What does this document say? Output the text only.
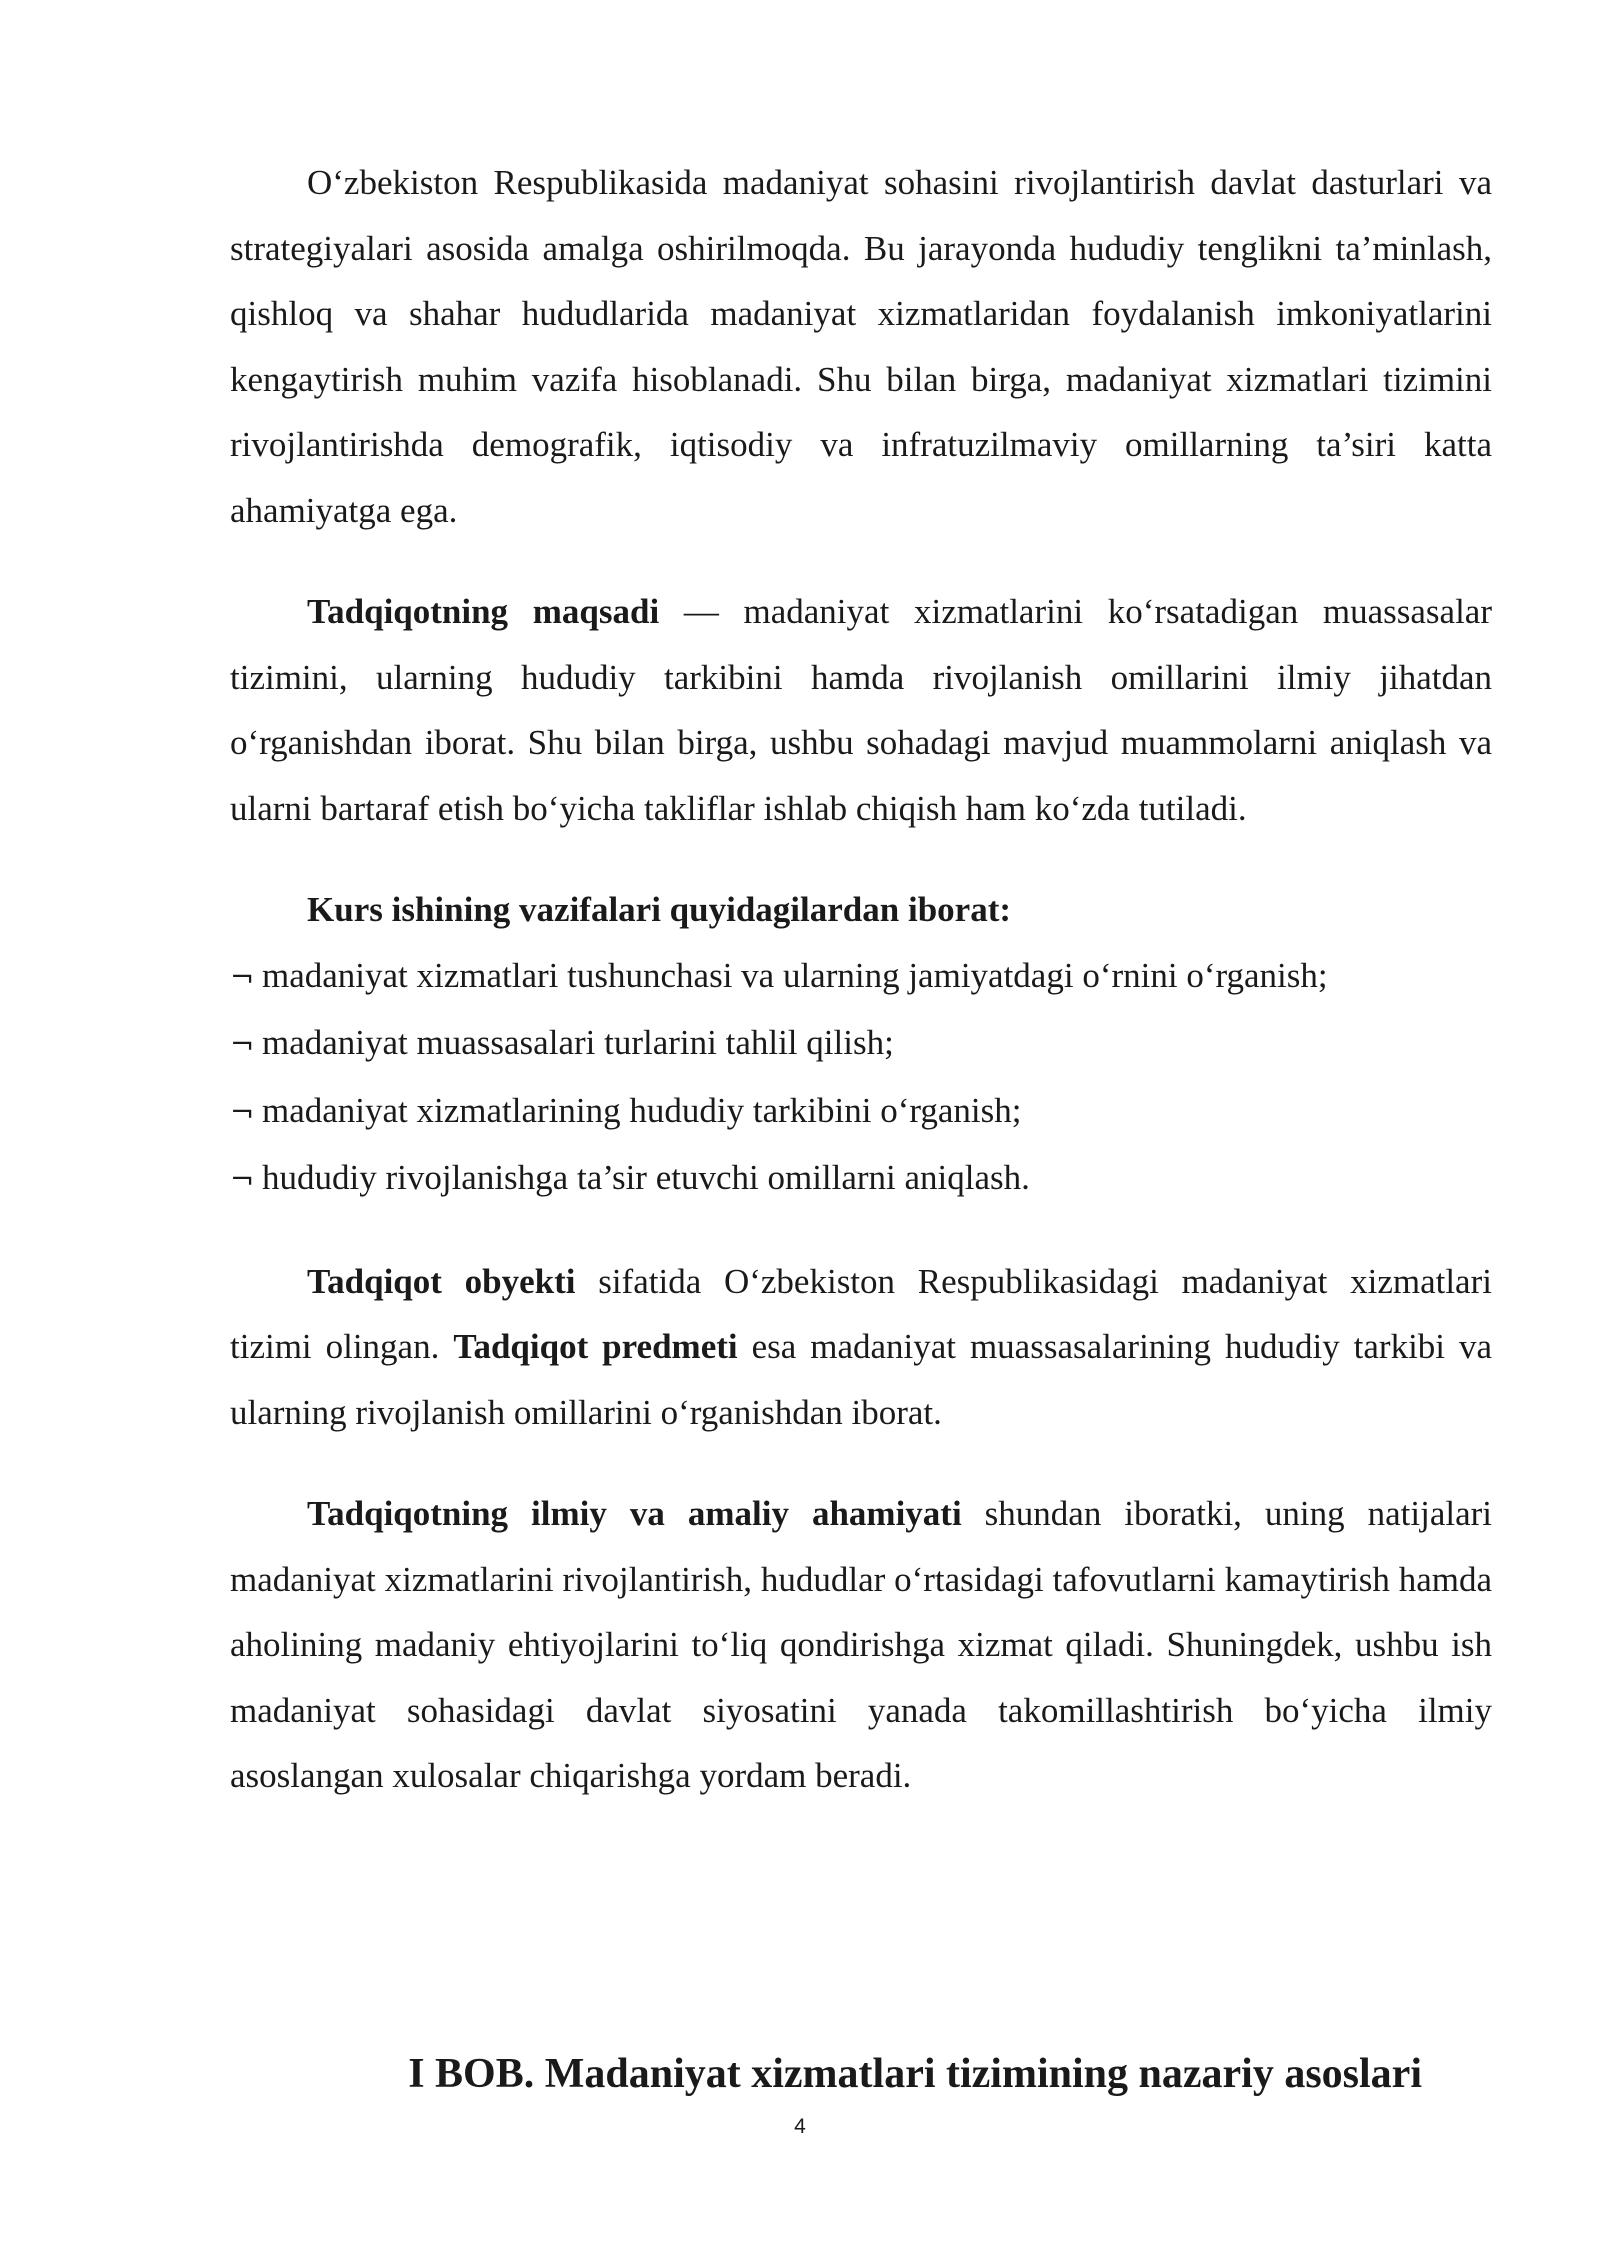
O‘zbekiston Respublikasida madaniyat sohasini rivojlantirish davlat dasturlari va strategiyalari asosida amalga oshirilmoqda. Bu jarayonda hududiy tenglikni ta’minlash, qishloq va shahar hududlarida madaniyat xizmatlaridan foydalanish imkoniyatlarini kengaytirish muhim vazifa hisoblanadi. Shu bilan birga, madaniyat xizmatlari tizimini rivojlantirishda demografik, iqtisodiy va infratuzilmaviy omillarning ta’siri katta ahamiyatga ega.

Tadqiqotning maqsadi — madaniyat xizmatlarini ko‘rsatadigan muassasalar tizimini, ularning hududiy tarkibini hamda rivojlanish omillarini ilmiy jihatdan o‘rganishdan iborat. Shu bilan birga, ushbu sohadagi mavjud muammolarni aniqlash va ularni bartaraf etish bo‘yicha takliflar ishlab chiqish ham ko‘zda tutiladi.

Kurs ishining vazifalari quyidagilardan iborat:

¬ madaniyat xizmatlari tushunchasi va ularning jamiyatdagi o‘rnini o‘rganish;
¬ madaniyat muassasalari turlarini tahlil qilish;
¬ madaniyat xizmatlarining hududiy tarkibini o‘rganish;
¬ hududiy rivojlanishga ta’sir etuvchi omillarni aniqlash.

Tadqiqot obyekti sifatida O‘zbekiston Respublikasidagi madaniyat xizmatlari tizimi olingan. Tadqiqot predmeti esa madaniyat muassasalarining hududiy tarkibi va ularning rivojlanish omillarini o‘rganishdan iborat.

Tadqiqotning ilmiy va amaliy ahamiyati shundan iboratki, uning natijalari madaniyat xizmatlarini rivojlantirish, hududlar o‘rtasidagi tafovutlarni kamaytirish hamda aholining madaniy ehtiyojlarini to‘liq qondirishga xizmat qiladi. Shuningdek, ushbu ish madaniyat sohasidagi davlat siyosatini yanada takomillashtirish bo‘yicha ilmiy asoslangan xulosalar chiqarishga yordam beradi.

I BOB. Madaniyat xizmatlari tizimining nazariy asoslari
4
